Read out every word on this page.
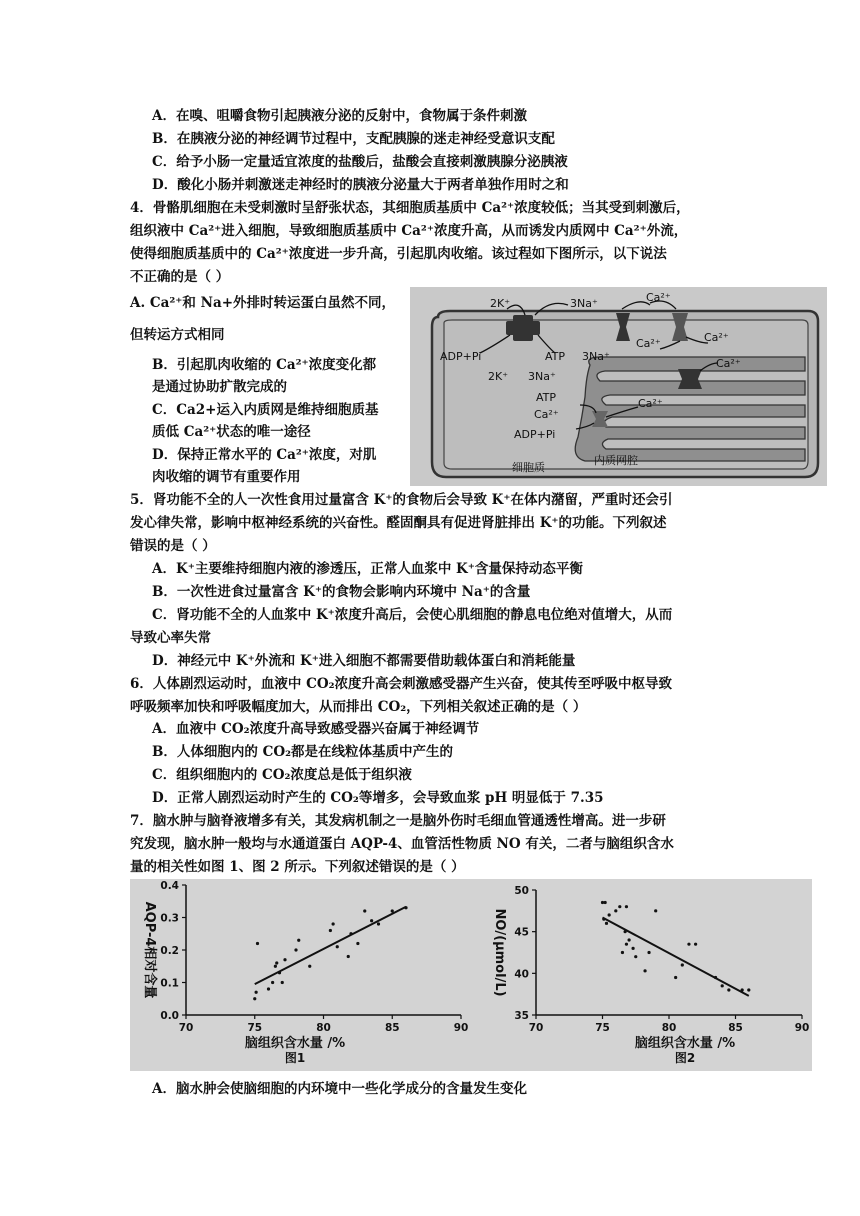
A．在嗅、咀嚼食物引起胰液分泌的反射中，食物属于条件刺激
B．在胰液分泌的神经调节过程中，支配胰腺的迷走神经受意识支配
C．给予小肠一定量适宜浓度的盐酸后，盐酸会直接刺激胰腺分泌胰液
D．酸化小肠并刺激迷走神经时的胰液分泌量大于两者单独作用时之和
4．骨骼肌细胞在未受刺激时呈舒张状态，其细胞质基质中 Ca²⁺浓度较低；当其受到刺激后，
组织液中 Ca²⁺进入细胞，导致细胞质基质中 Ca²⁺浓度升高，从而诱发内质网中 Ca²⁺外流，
使得细胞质基质中的 Ca²⁺浓度进一步升高，引起肌肉收缩。该过程如下图所示，以下说法
不正确的是（ ）
A. Ca²⁺和 Na+外排时转运蛋白虽然不同，
但转运方式相同
B．引起肌肉收缩的 Ca²⁺浓度变化都
是通过协助扩散完成的
C．Ca2+运入内质网是维持细胞质基
质低 Ca²⁺状态的唯一途径
D．保持正常水平的 Ca²⁺浓度，对肌
肉收缩的调节有重要作用
2K⁺	3Na⁺	Ca²⁺
Ca²⁺	Ca²⁺
ADP+Pi	ATP 3Na⁺
2K⁺ 3Na⁺
Ca²⁺
ATP
Ca²⁺
Ca²⁺
ADP+Pi
细胞质
内质网腔
5．肾功能不全的人一次性食用过量富含 K⁺的食物后会导致 K⁺在体内潴留，严重时还会引
发心律失常，影响中枢神经系统的兴奋性。醛固酮具有促进肾脏排出 K⁺的功能。下列叙述
错误的是（ ）
A．K⁺主要维持细胞内液的渗透压，正常人血浆中 K⁺含量保持动态平衡
B．一次性进食过量富含 K⁺的食物会影响内环境中 Na⁺的含量
C．肾功能不全的人血浆中 K⁺浓度升高后，会使心肌细胞的静息电位绝对值增大，从而
导致心率失常
D．神经元中 K⁺外流和 K⁺进入细胞不都需要借助载体蛋白和消耗能量
6．人体剧烈运动时，血液中 CO₂浓度升高会刺激感受器产生兴奋，使其传至呼吸中枢导致
呼吸频率加快和呼吸幅度加大，从而排出 CO₂，下列相关叙述正确的是（ ）
A．血液中 CO₂浓度升高导致感受器兴奋属于神经调节
B．人体细胞内的 CO₂都是在线粒体基质中产生的
C．组织细胞内的 CO₂浓度总是低于组织液
D．正常人剧烈运动时产生的 CO₂等增多，会导致血浆 pH 明显低于 7.35
7．脑水肿与脑脊液增多有关，其发病机制之一是脑外伤时毛细血管通透性增高。进一步研
究发现，脑水肿一般均与水通道蛋白 AQP-4、血管活性物质 NO 有关，二者与脑组织含水
量的相关性如图 1、图 2 所示。下列叙述错误的是（ ）
70	75	80	85	90
0.0
0.1
0.2
0.3
0.4
脑组织含水量 /%
图1
AQP-4相对含量
70	75	80	85	90
35
40
45
50
脑组织含水量 /%
图2
NO/(μmol/L)
A．脑水肿会使脑细胞的内环境中一些化学成分的含量发生变化
